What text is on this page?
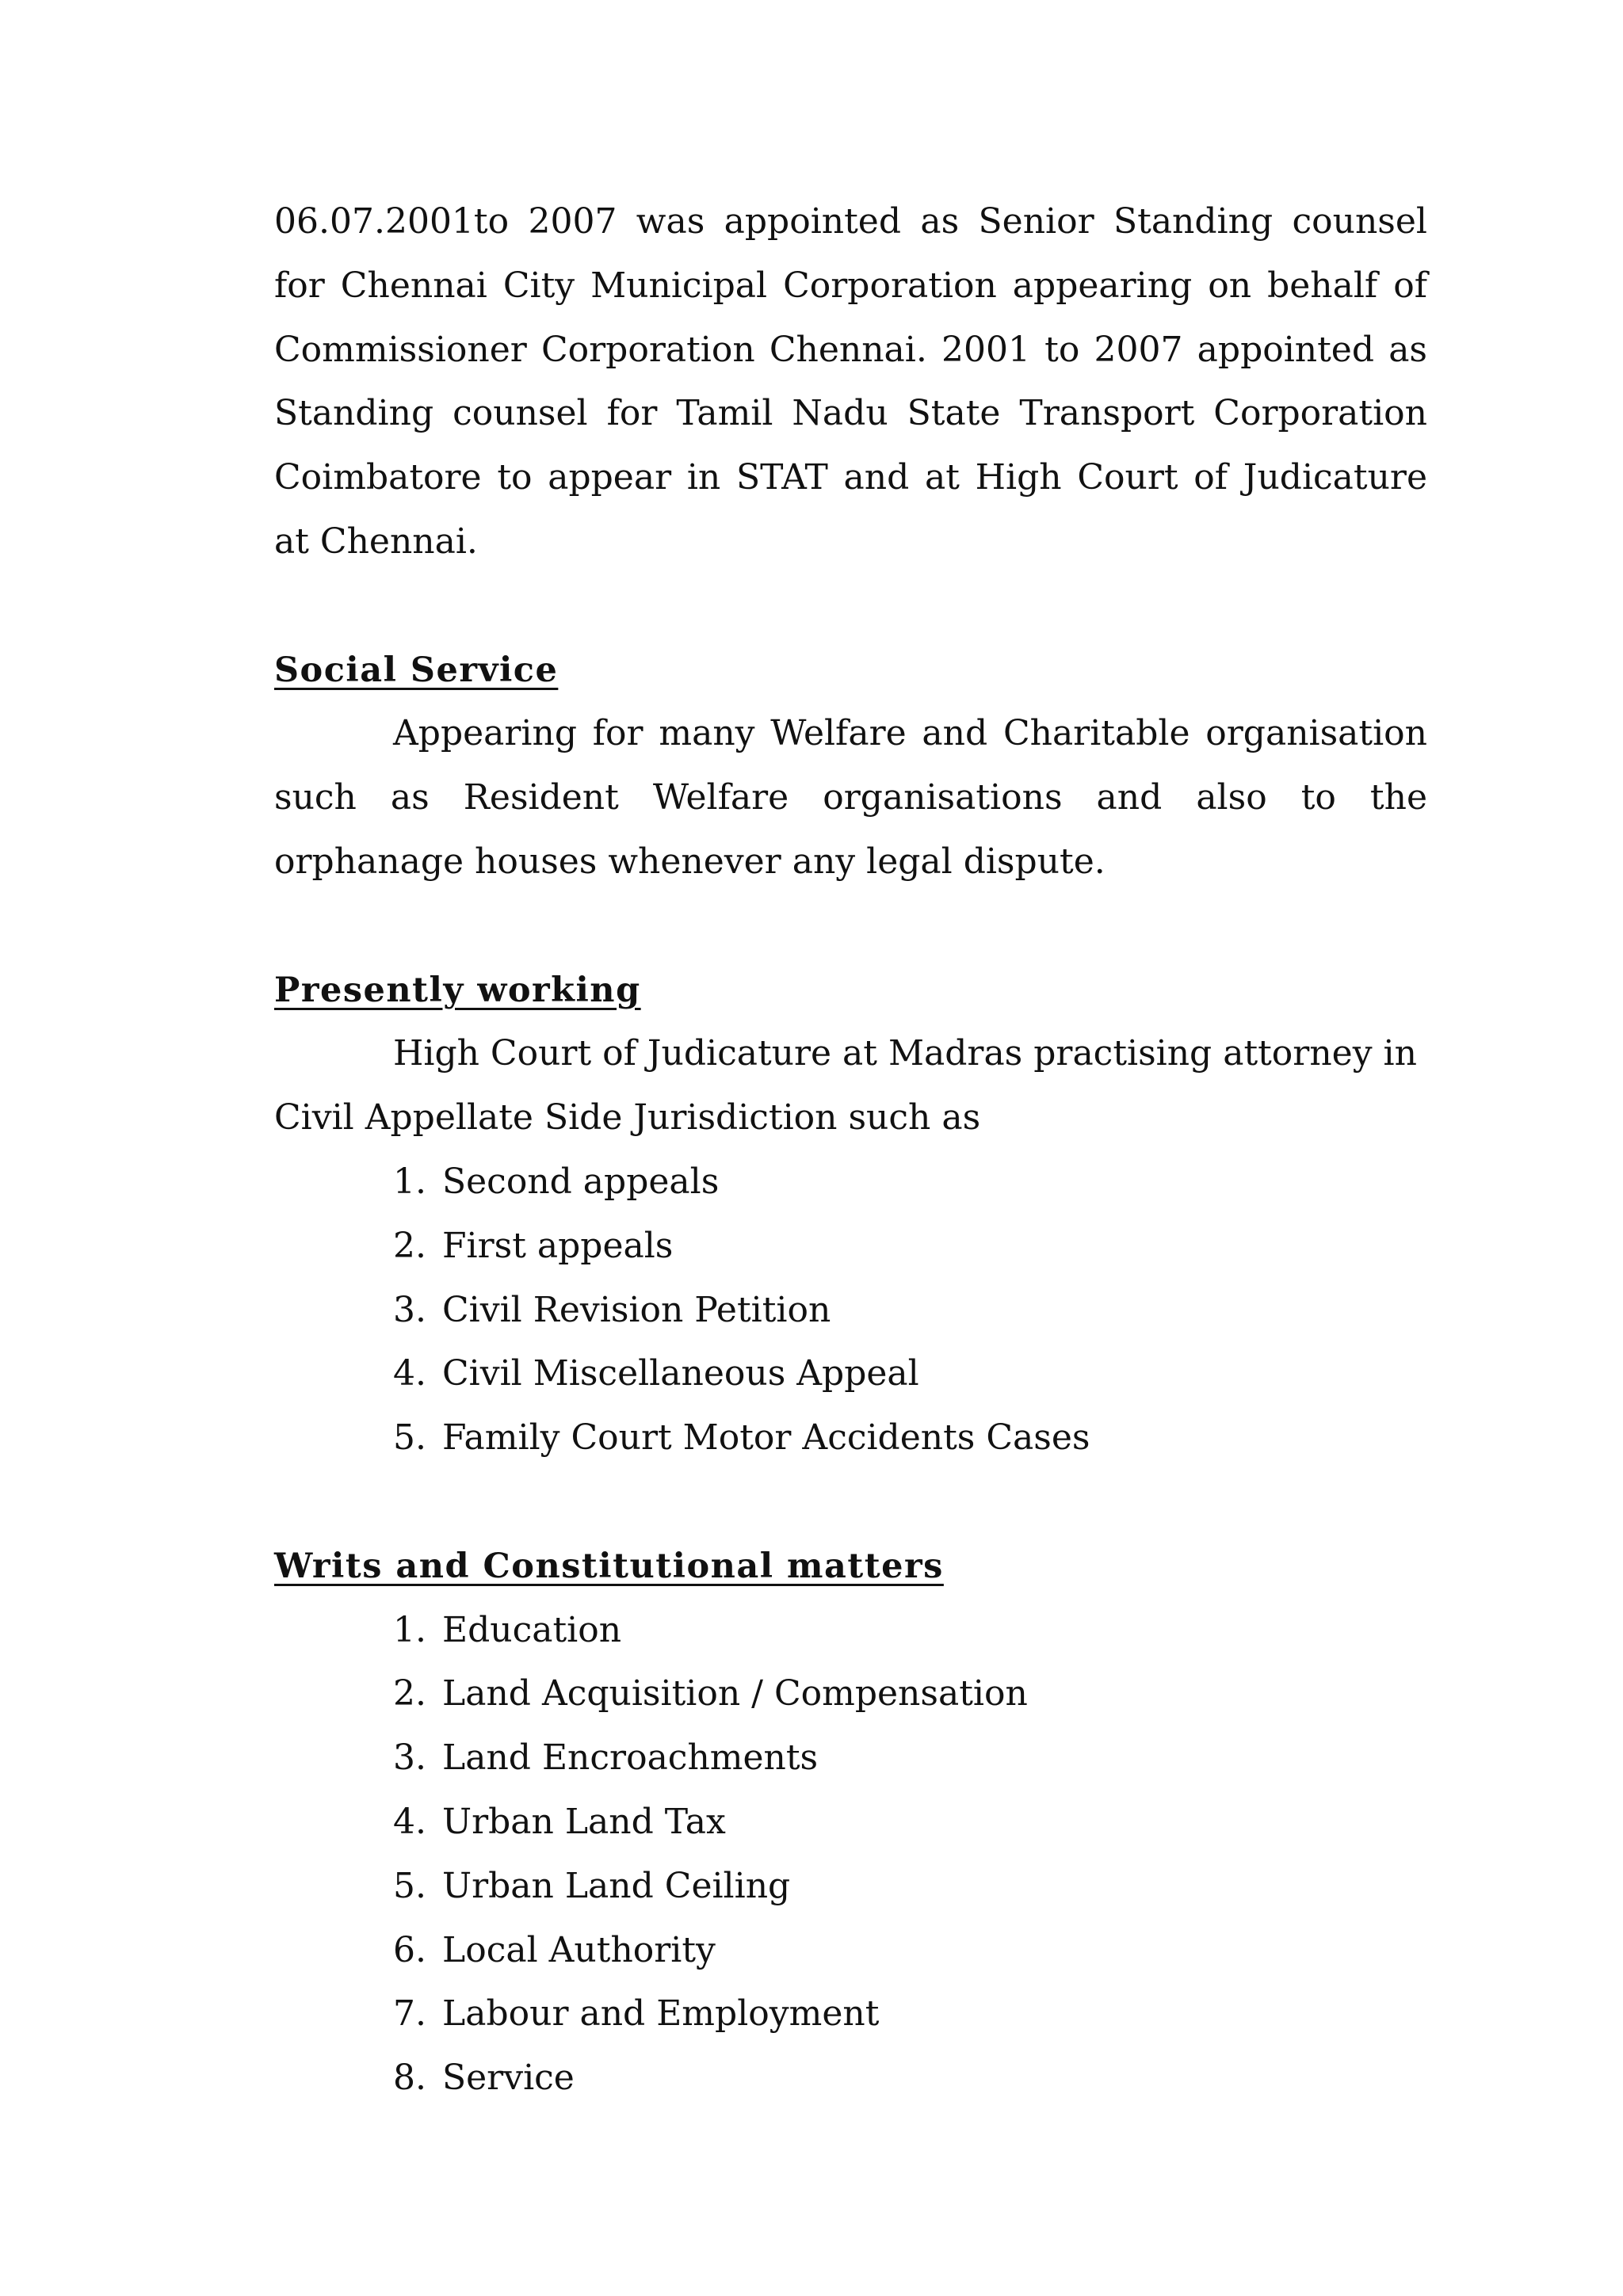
06.07.2001to 2007 was appointed as Senior Standing counsel for Chennai City Municipal Corporation appearing on behalf of Commissioner Corporation Chennai. 2001 to 2007 appointed as Standing counsel for Tamil Nadu State Transport Corporation Coimbatore to appear in STAT and at High Court of Judicature at Chennai.

Social Service

Appearing for many Welfare and Charitable organisation such as Resident Welfare organisations and also to the orphanage houses whenever any legal dispute.

Presently working

High Court of Judicature at Madras practising attorney in

Civil Appellate Side Jurisdiction such as

1. Second appeals
2. First appeals
3. Civil Revision Petition
4. Civil Miscellaneous Appeal
5. Family Court Motor Accidents Cases
Writs and Constitutional matters
1. Education
2. Land Acquisition / Compensation
3. Land Encroachments
4. Urban Land Tax
5. Urban Land Ceiling
6. Local Authority
7. Labour and Employment
8. Service
